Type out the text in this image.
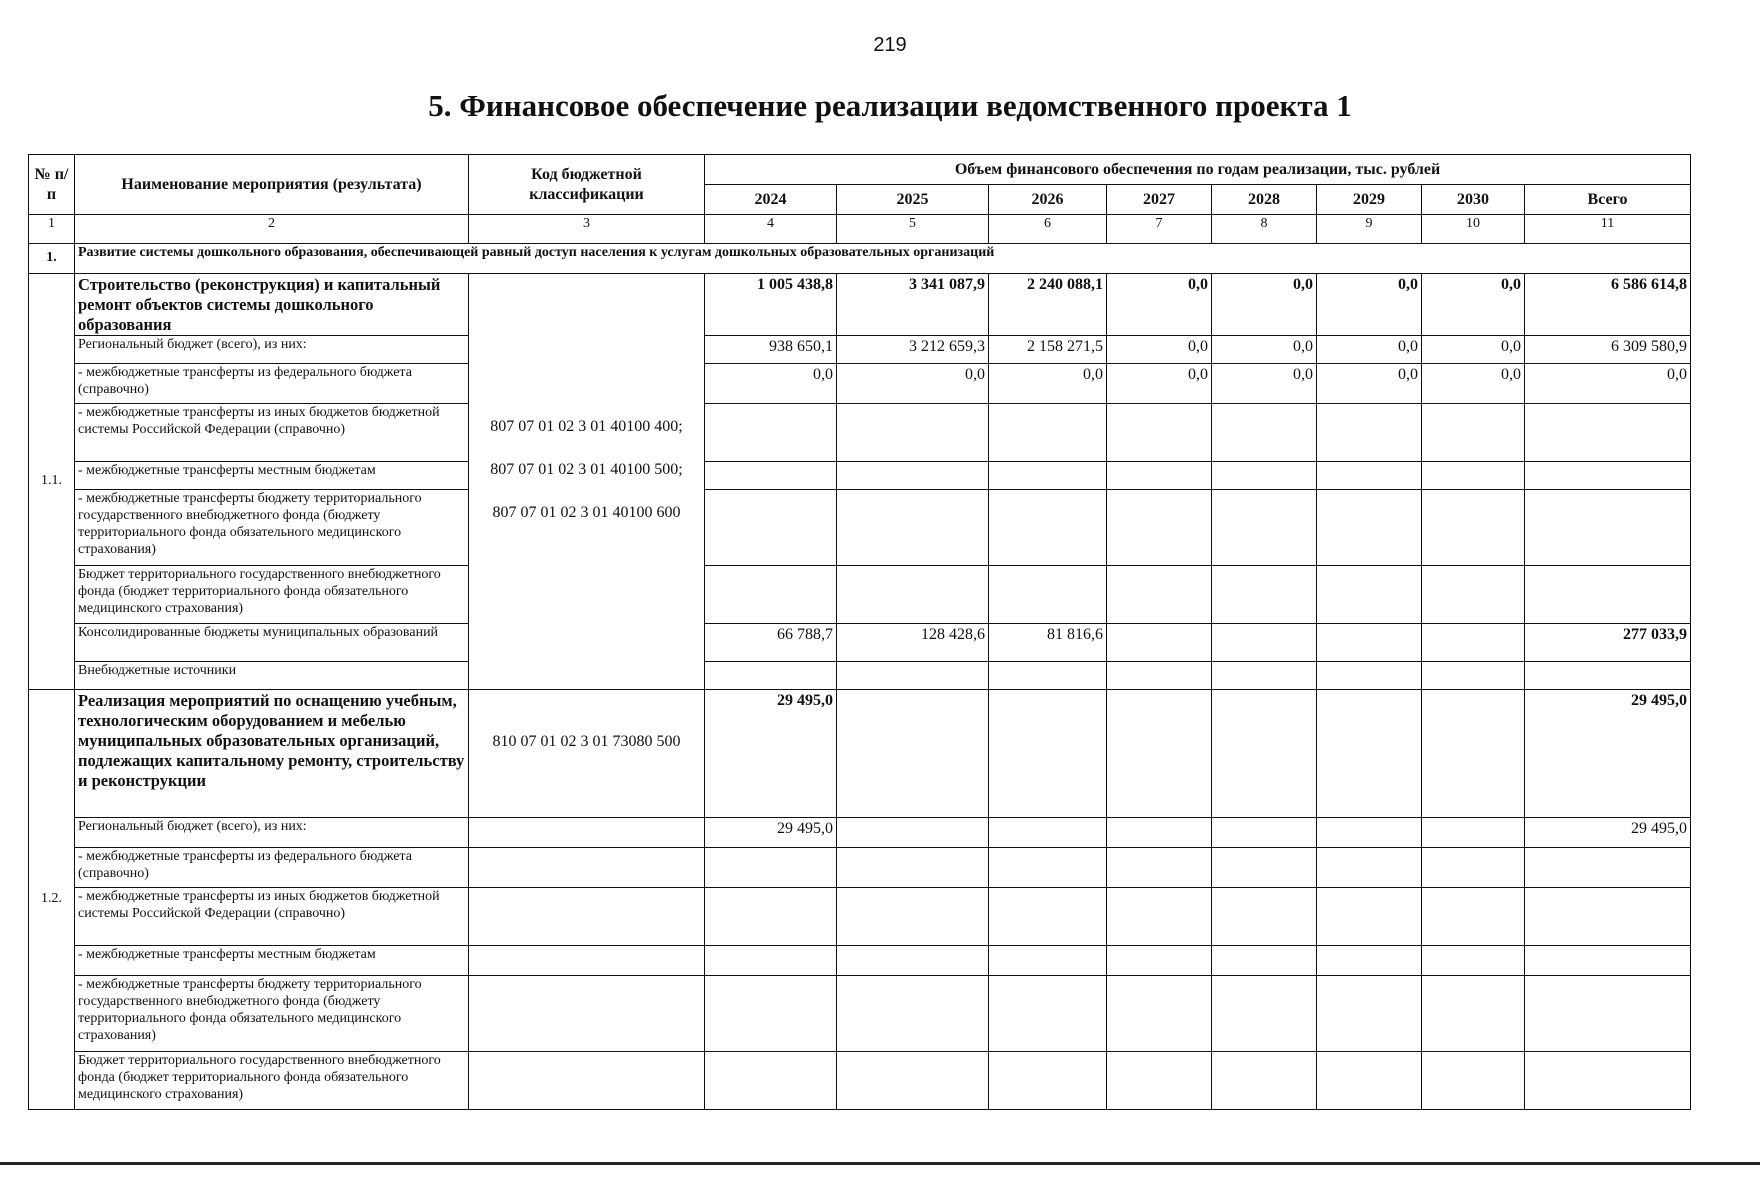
219
5. Финансовое обеспечение реализации ведомственного проекта 1
№ п/п	Наименование мероприятия (результата)	Код бюджетной классификации	Объем финансового обеспечения по годам реализации, тыс. рублей							
			2024	2025	2026	2027	2028	2029	2030	Всего
1	2	3	4	5	6	7	8	9	10	11
1.	Развитие системы дошкольного образования, обеспечивающей равный доступ населения к услугам дошкольных образовательных организаций									
1.1.	Строительство (реконструкция) и капитальный ремонт объектов системы дошкольного образования	807 07 01 02 3 01 40100 400;
807 07 01 02 3 01 40100 500;
807 07 01 02 3 01 40100 600	1 005 438,8	3 341 087,9	2 240 088,1	0,0	0,0	0,0	0,0	6 586 614,8
	Региональный бюджет (всего), из них:		938 650,1	3 212 659,3	2 158 271,5	0,0	0,0	0,0	0,0	6 309 580,9
	- межбюджетные трансферты из федерального бюджета (справочно)		0,0	0,0	0,0	0,0	0,0	0,0	0,0	0,0
	- межбюджетные трансферты из иных бюджетов бюджетной системы Российской Федерации (справочно)									
	- межбюджетные трансферты местным бюджетам									
	- межбюджетные трансферты бюджету территориального государственного внебюджетного фонда (бюджету территориального фонда обязательного медицинского страхования)									
	Бюджет территориального государственного внебюджетного фонда (бюджет территориального фонда обязательного медицинского страхования)									
	Консолидированные бюджеты муниципальных образований		66 788,7	128 428,6	81 816,6					277 033,9
	Внебюджетные источники									
1.2.	Реализация мероприятий по оснащению учебным, технологическим оборудованием и мебелью муниципальных образовательных организаций, подлежащих капитальному ремонту, строительству и реконструкции	810 07 01 02 3 01 73080 500	29 495,0							29 495,0
	Региональный бюджет (всего), из них:		29 495,0							29 495,0
	- межбюджетные трансферты из федерального бюджета (справочно)									
	- межбюджетные трансферты из иных бюджетов бюджетной системы Российской Федерации (справочно)									
	- межбюджетные трансферты местным бюджетам									
	- межбюджетные трансферты бюджету территориального государственного внебюджетного фонда (бюджету территориального фонда обязательного медицинского страхования)									
	Бюджет территориального государственного внебюджетного фонда (бюджет территориального фонда обязательного медицинского страхования)									
